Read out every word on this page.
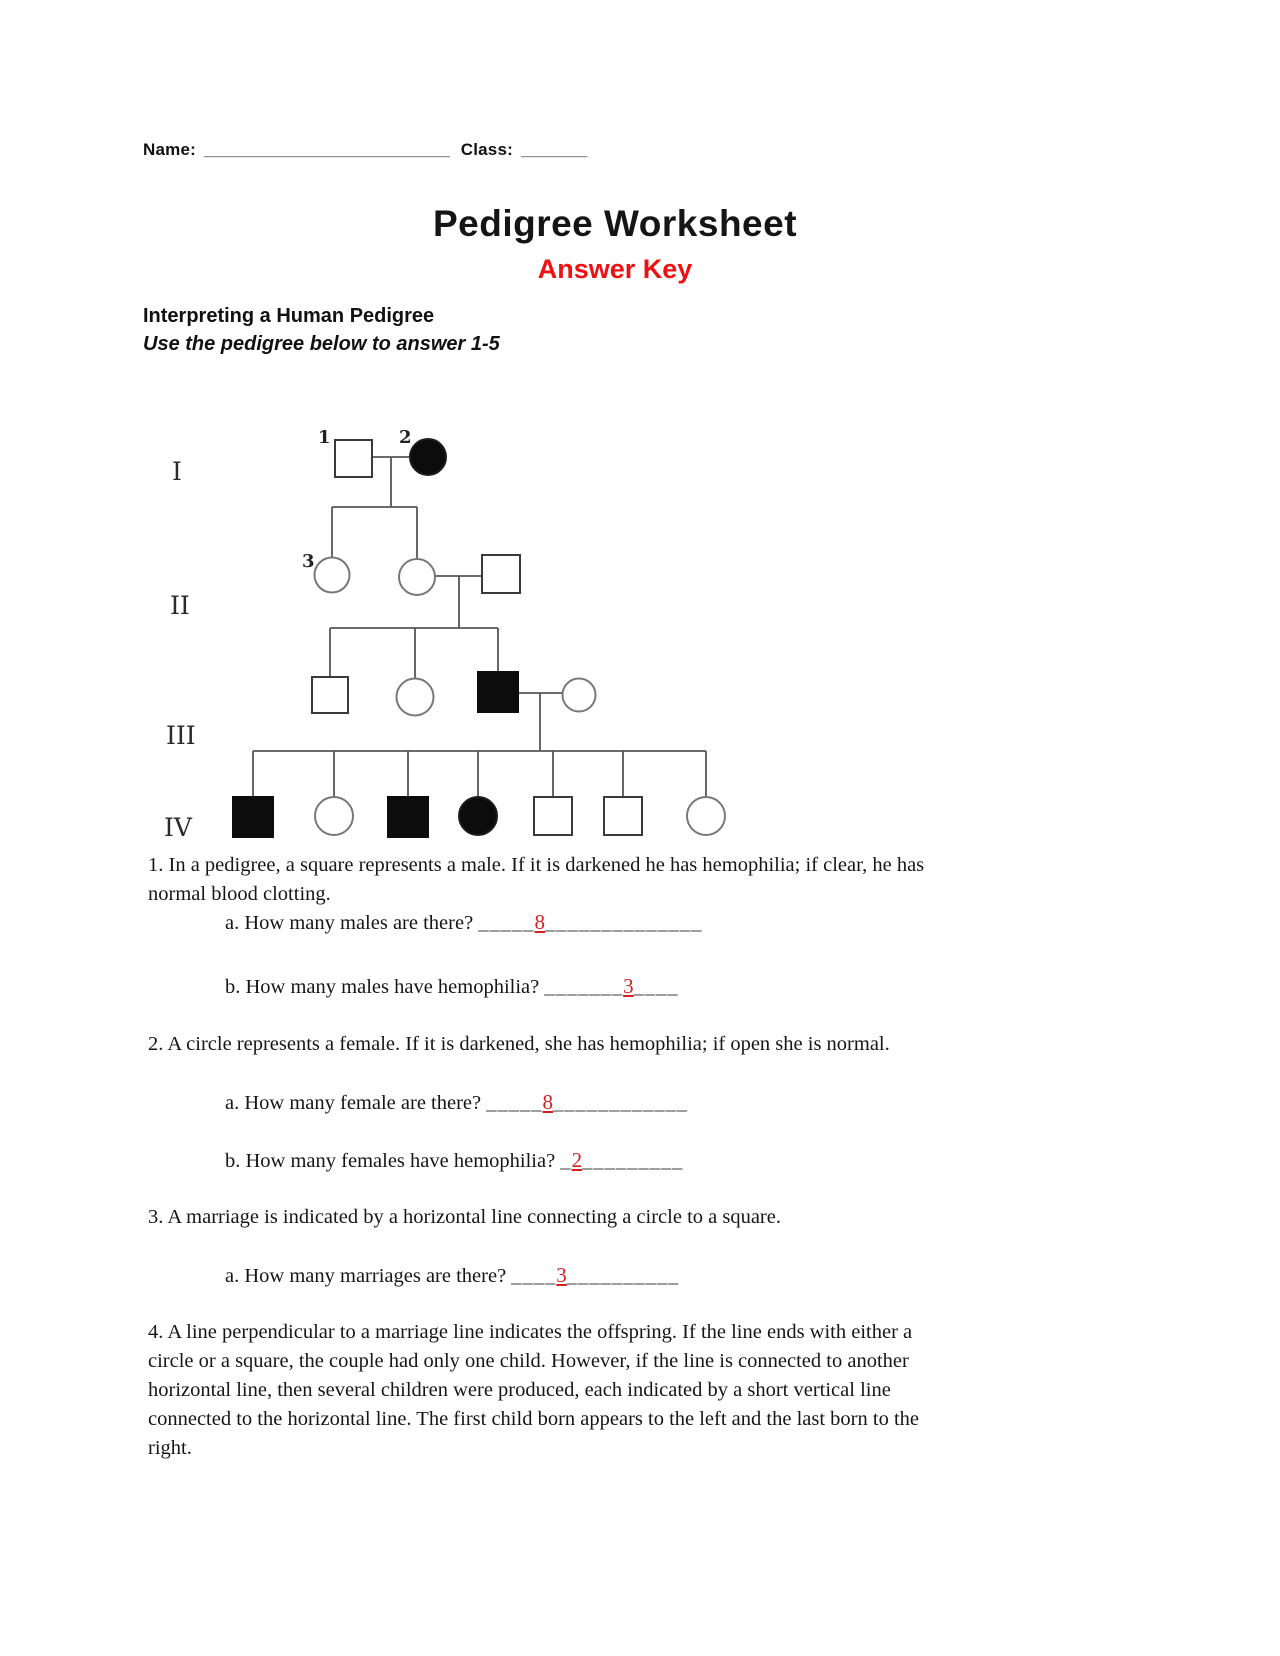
Name: __________________________ Class: _______
Pedigree Worksheet
Answer Key
Interpreting a Human Pedigree
Use the pedigree below to answer 1-5
I
II
III
IV
1	2
3
1. In a pedigree, a square represents a male. If it is darkened he has hemophilia; if clear, he has
normal blood clotting.
a. How many males are there? _____8______________
b. How many males have hemophilia? _______3____
2. A circle represents a female. If it is darkened, she has hemophilia; if open she is normal.
a. How many female are there? _____8____________
b. How many females have hemophilia? _2_________
3. A marriage is indicated by a horizontal line connecting a circle to a square.
a. How many marriages are there? ____3__________
4. A line perpendicular to a marriage line indicates the offspring. If the line ends with either a
circle or a square, the couple had only one child. However, if the line is connected to another
horizontal line, then several children were produced, each indicated by a short vertical line
connected to the horizontal line. The first child born appears to the left and the last born to the
right.
